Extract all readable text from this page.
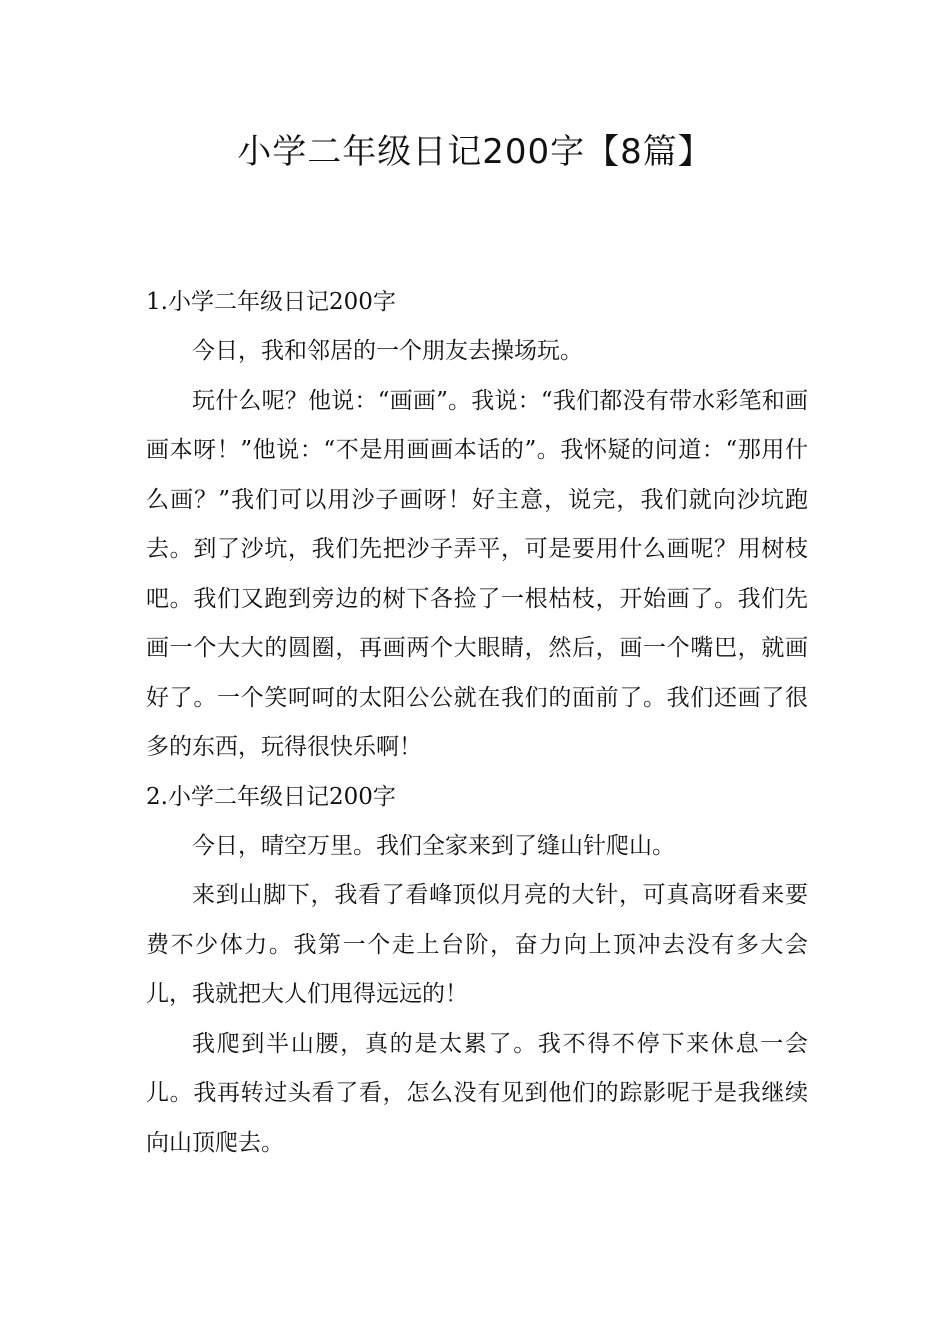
小学二年级日记200字【8篇】
1.小学二年级日记200字

今日，我和邻居的一个朋友去操场玩。

玩什么呢？他说：“画画”。我说：“我们都没有带水彩笔和画画本呀！”他说：“不是用画画本话的”。我怀疑的问道：“那用什么画？”我们可以用沙子画呀！好主意，说完，我们就向沙坑跑去。到了沙坑，我们先把沙子弄平，可是要用什么画呢？用树枝吧。我们又跑到旁边的树下各捡了一根枯枝，开始画了。我们先画一个大大的圆圈，再画两个大眼睛，然后，画一个嘴巴，就画好了。一个笑呵呵的太阳公公就在我们的面前了。我们还画了很多的东西，玩得很快乐啊！

2.小学二年级日记200字

今日，晴空万里。我们全家来到了缝山针爬山。

来到山脚下，我看了看峰顶似月亮的大针，可真高呀看来要费不少体力。我第一个走上台阶，奋力向上顶冲去没有多大会儿，我就把大人们甩得远远的！

我爬到半山腰，真的是太累了。我不得不停下来休息一会儿。我再转过头看了看，怎么没有见到他们的踪影呢于是我继续向山顶爬去。
